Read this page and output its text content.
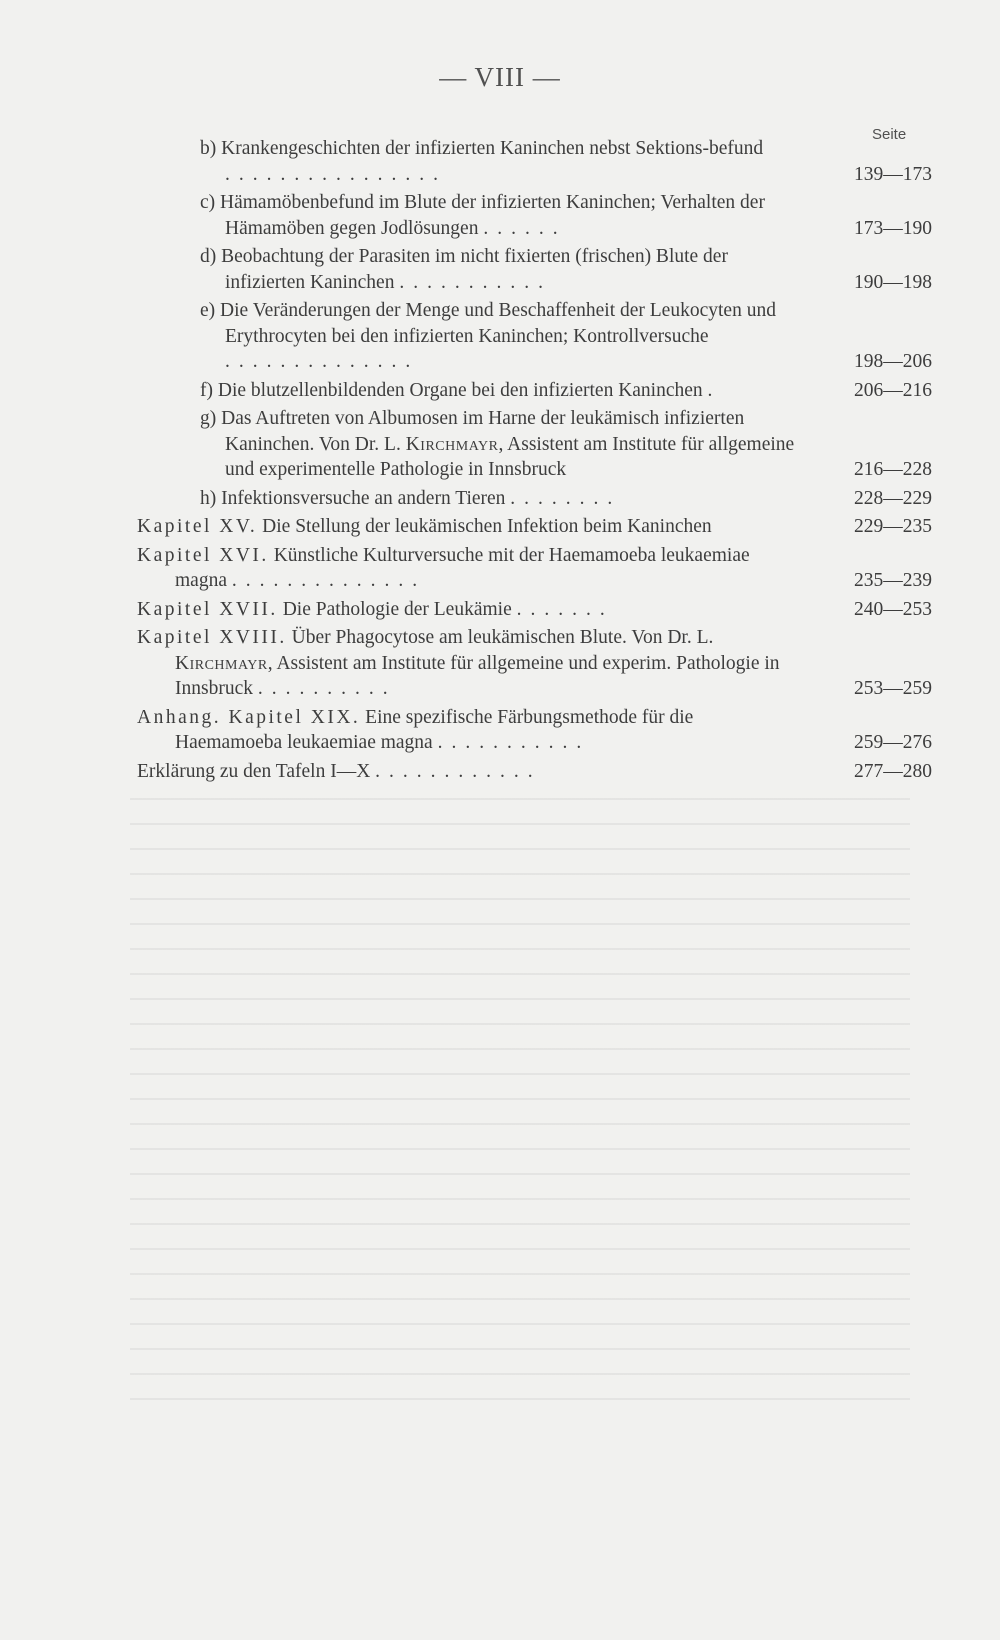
— VIII —
Seite
b) Krankengeschichten der infizierten Kaninchen nebst Sektions-befund ................	139—173
c) Hämamöbenbefund im Blute der infizierten Kaninchen; Verhalten der Hämamöben gegen Jodlösungen ......	173—190
d) Beobachtung der Parasiten im nicht fixierten (frischen) Blute der infizierten Kaninchen ...........	190—198
e) Die Veränderungen der Menge und Beschaffenheit der Leukocyten und Erythrocyten bei den infizierten Kaninchen; Kontrollversuche ..............	198—206
f) Die blutzellenbildenden Organe bei den infizierten Kaninchen .	206—216
g) Das Auftreten von Albumosen im Harne der leukämisch infizierten Kaninchen. Von Dr. L. Kirchmayr, Assistent am Institute für allgemeine und experimentelle Pathologie in Innsbruck	216—228
h) Infektionsversuche an andern Tieren ........	228—229
Kapitel XV. Die Stellung der leukämischen Infektion beim Kaninchen	229—235
Kapitel XVI. Künstliche Kulturversuche mit der Haemamoeba leukaemiae magna ..............	235—239
Kapitel XVII. Die Pathologie der Leukämie .......	240—253
Kapitel XVIII. Über Phagocytose am leukämischen Blute. Von Dr. L. Kirchmayr, Assistent am Institute für allgemeine und experim. Pathologie in Innsbruck ..........	253—259
Anhang. Kapitel XIX. Eine spezifische Färbungsmethode für die Haemamoeba leukaemiae magna ...........	259—276
Erklärung zu den Tafeln I—X ............	277—280
